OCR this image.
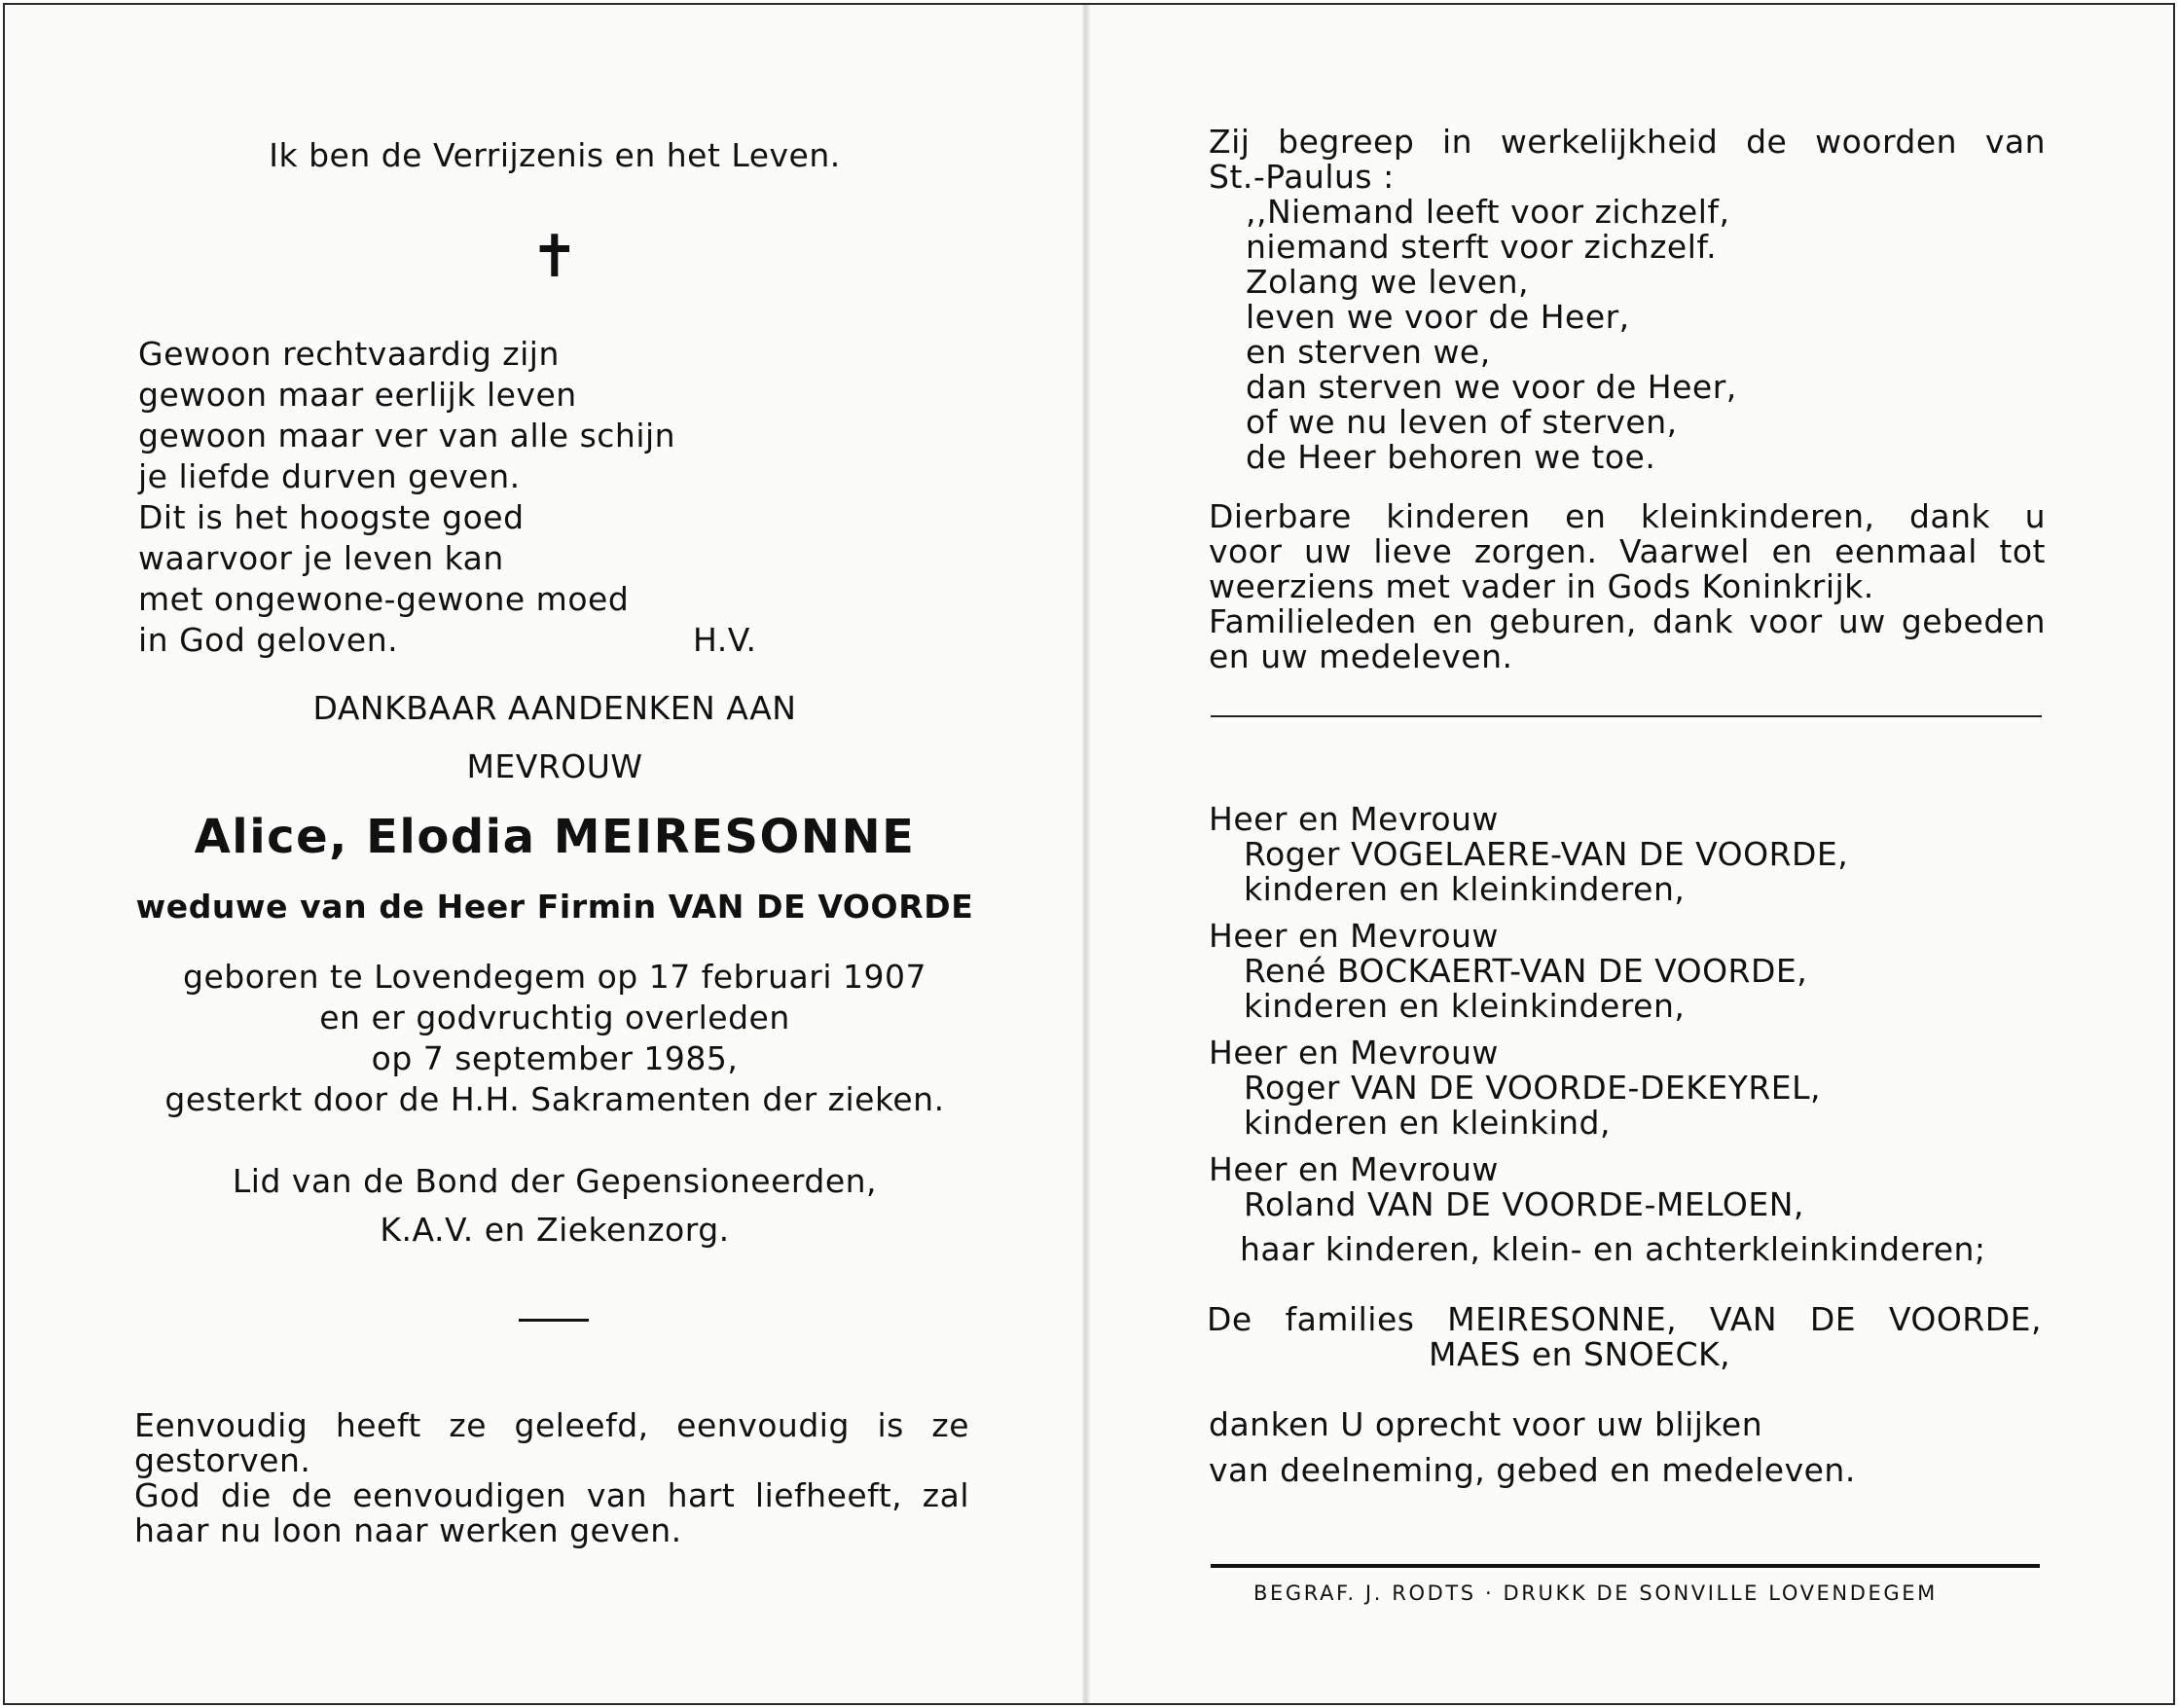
Ik ben de Verrijzenis en het Leven.
✝
Gewoon rechtvaardig zijn
gewoon maar eerlijk leven
gewoon maar ver van alle schijn
je liefde durven geven.
Dit is het hoogste goed
waarvoor je leven kan
met ongewone-gewone moed
in God geloven.	H.V.
DANKBAAR AANDENKEN AAN
MEVROUW
Alice, Elodia MEIRESONNE
weduwe van de Heer Firmin VAN DE VOORDE
geboren te Lovendegem op 17 februari 1907
en er godvruchtig overleden
op 7 september 1985,
gesterkt door de H.H. Sakramenten der zieken.
Lid van de Bond der Gepensioneerden,
K.A.V. en Ziekenzorg.
Eenvoudig heeft ze geleefd, eenvoudig is ze
gestorven.
God die de eenvoudigen van hart liefheeft, zal
haar nu loon naar werken geven.
Zij begreep in werkelijkheid de woorden van
St.-Paulus :
,,Niemand leeft voor zichzelf,
niemand sterft voor zichzelf.
Zolang we leven,
leven we voor de Heer,
en sterven we,
dan sterven we voor de Heer,
of we nu leven of sterven,
de Heer behoren we toe.
Dierbare kinderen en kleinkinderen, dank u
voor uw lieve zorgen. Vaarwel en eenmaal tot
weerziens met vader in Gods Koninkrijk.
Familieleden en geburen, dank voor uw gebeden
en uw medeleven.
Heer en Mevrouw
Roger VOGELAERE-VAN DE VOORDE,
kinderen en kleinkinderen,
Heer en Mevrouw
René BOCKAERT-VAN DE VOORDE,
kinderen en kleinkinderen,
Heer en Mevrouw
Roger VAN DE VOORDE-DEKEYREL,
kinderen en kleinkind,
Heer en Mevrouw
Roland VAN DE VOORDE-MELOEN,
haar kinderen, klein- en achterkleinkinderen;
De families MEIRESONNE, VAN DE VOORDE,
MAES en SNOECK,
danken U oprecht voor uw blijken
van deelneming, gebed en medeleven.
BEGRAF. J. RODTS · DRUKK DE SONVILLE LOVENDEGEM
